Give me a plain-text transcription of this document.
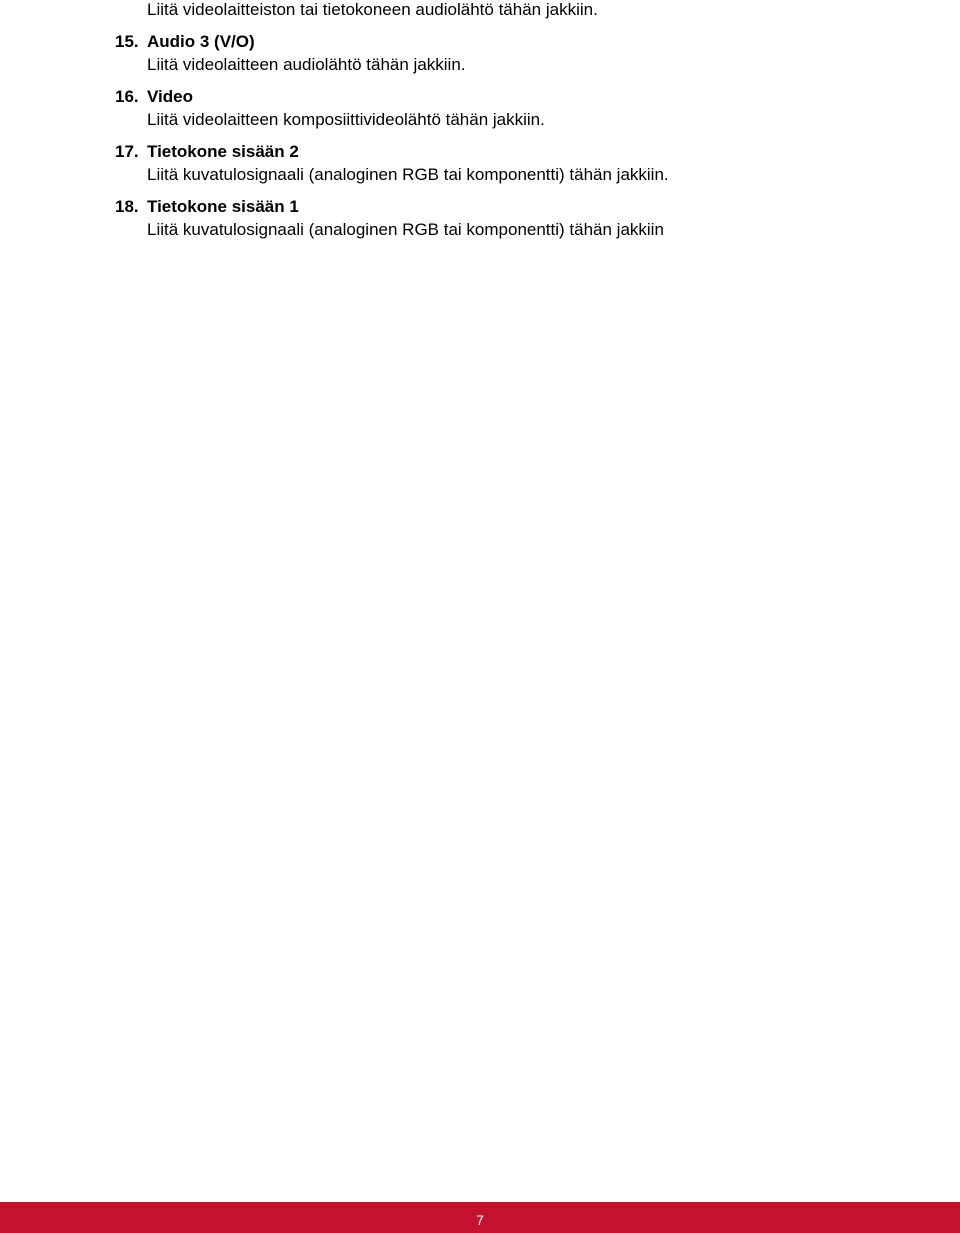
Liitä videolaitteiston tai tietokoneen audiolähtö tähän jakkiin.
15. Audio 3 (V/O)
Liitä videolaitteen audiolähtö tähän jakkiin.
16. Video
Liitä videolaitteen komposiittivideolähtö tähän jakkiin.
17. Tietokone sisään 2
Liitä kuvatulosignaali (analoginen RGB tai komponentti) tähän jakkiin.
18. Tietokone sisään 1
Liitä kuvatulosignaali (analoginen RGB tai komponentti) tähän jakkiin
7
